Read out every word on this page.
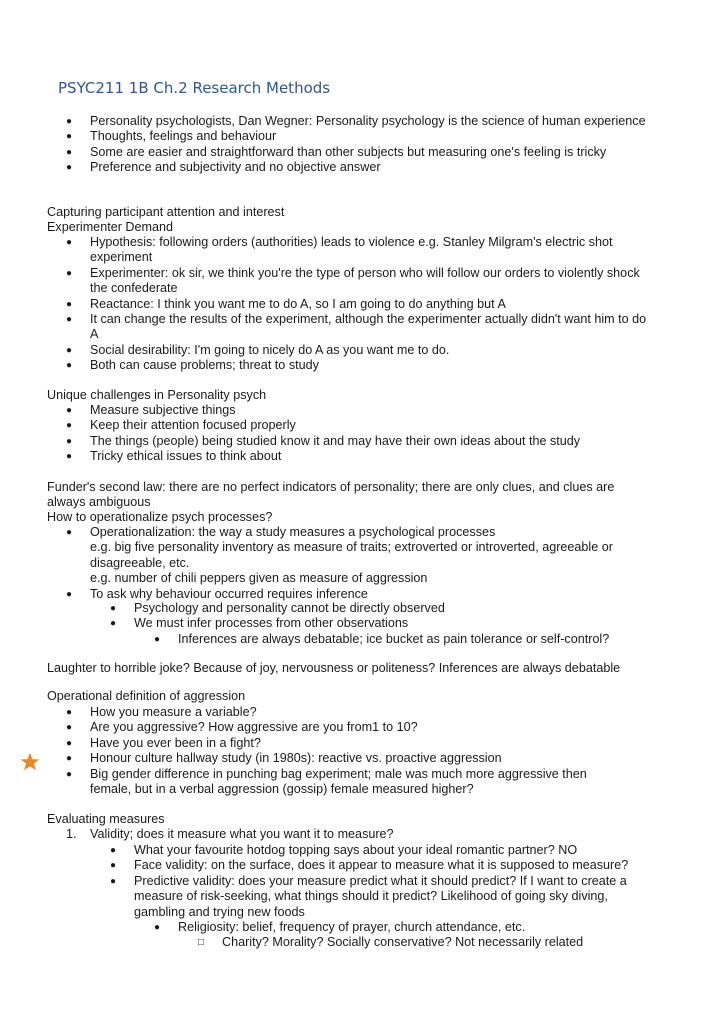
PSYC211 1B Ch.2 Research Methods
● Personality psychologists, Dan Wegner: Personality psychology is the science of human experience
● Thoughts, feelings and behaviour
● Some are easier and straightforward than other subjects but measuring one's feeling is tricky
● Preference and subjectivity and no objective answer
Capturing participant attention and interest
Experimenter Demand
● Hypothesis: following orders (authorities) leads to violence e.g. Stanley Milgram's electric shot experiment
● Experimenter: ok sir, we think you're the type of person who will follow our orders to violently shock the confederate
● Reactance: I think you want me to do A, so I am going to do anything but A
● It can change the results of the experiment, although the experimenter actually didn't want him to do A
● Social desirability: I'm going to nicely do A as you want me to do.
● Both can cause problems; threat to study
Unique challenges in Personality psych
● Measure subjective things
● Keep their attention focused properly
● The things (people) being studied know it and may have their own ideas about the study
● Tricky ethical issues to think about
Funder's second law: there are no perfect indicators of personality; there are only clues, and clues are always ambiguous
How to operationalize psych processes?
● Operationalization: the way a study measures a psychological processes
e.g. big five personality inventory as measure of traits; extroverted or introverted, agreeable or disagreeable, etc.
e.g. number of chili peppers given as measure of aggression
● To ask why behaviour occurred requires inference
● Psychology and personality cannot be directly observed
● We must infer processes from other observations
● Inferences are always debatable; ice bucket as pain tolerance or self-control?
Laughter to horrible joke? Because of joy, nervousness or politeness? Inferences are always debatable
Operational definition of aggression
● How you measure a variable?
● Are you aggressive? How aggressive are you from1 to 10?
● Have you ever been in a fight?
● Honour culture hallway study (in 1980s): reactive vs. proactive aggression
● Big gender difference in punching bag experiment; male was much more aggressive then female, but in a verbal aggression (gossip) female measured higher?
Evaluating measures
1. Validity; does it measure what you want it to measure?
● What your favourite hotdog topping says about your ideal romantic partner? NO
● Face validity: on the surface, does it appear to measure what it is supposed to measure?
● Predictive validity: does your measure predict what it should predict? If I want to create a measure of risk-seeking, what things should it predict? Likelihood of going sky diving, gambling and trying new foods
● Religiosity: belief, frequency of prayer, church attendance, etc.
□ Charity? Morality? Socially conservative? Not necessarily related
